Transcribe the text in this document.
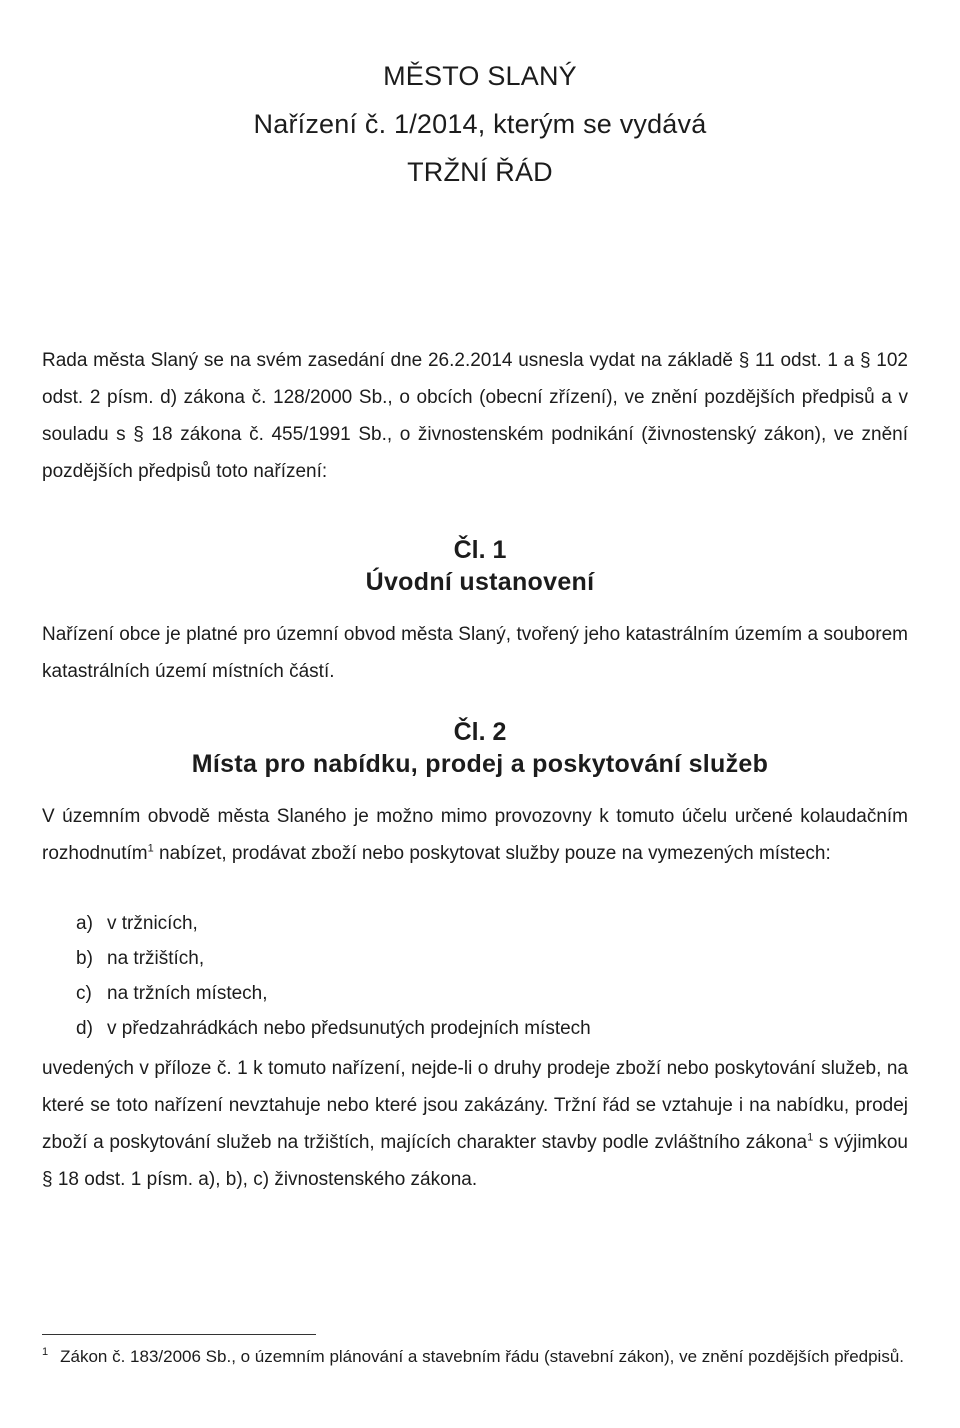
MĚSTO SLANÝ
Nařízení č. 1/2014, kterým se vydává
TRŽNÍ ŘÁD

Rada města Slaný se na svém zasedání dne 26.2.2014 usnesla vydat na základě § 11 odst. 1 a § 102 odst. 2 písm. d) zákona č. 128/2000 Sb., o obcích (obecní zřízení), ve znění pozdějších předpisů a v souladu s § 18 zákona č. 455/1991 Sb., o živnostenském podnikání (živnostenský zákon), ve znění pozdějších předpisů toto nařízení:

Čl. 1
Úvodní ustanovení

Nařízení obce je platné pro územní obvod města Slaný, tvořený jeho katastrálním územím a souborem katastrálních území místních částí.

Čl. 2
Místa pro nabídku, prodej a poskytování služeb

V územním obvodě města Slaného je možno mimo provozovny k tomuto účelu určené kolaudačním rozhodnutím$^1$ nabízet, prodávat zboží nebo poskytovat služby pouze na vymezených místech:

a) v tržnicích,
b) na tržištích,
c) na tržních místech,
d) v předzahrádkách nebo předsunutých prodejních místech

uvedených v příloze č. 1 k tomuto nařízení, nejde-li o druhy prodeje zboží nebo poskytování služeb, na které se toto nařízení nevztahuje nebo které jsou zakázány. Tržní řád se vztahuje i na nabídku, prodej zboží a poskytování služeb na tržištích, majících charakter stavby podle zvláštního zákona$^1$ s výjimkou § 18 odst. 1 písm. a), b), c) živnostenského zákona.

$^1$ Zákon č. 183/2006 Sb., o územním plánování a stavebním řádu (stavební zákon), ve znění pozdějších předpisů.
